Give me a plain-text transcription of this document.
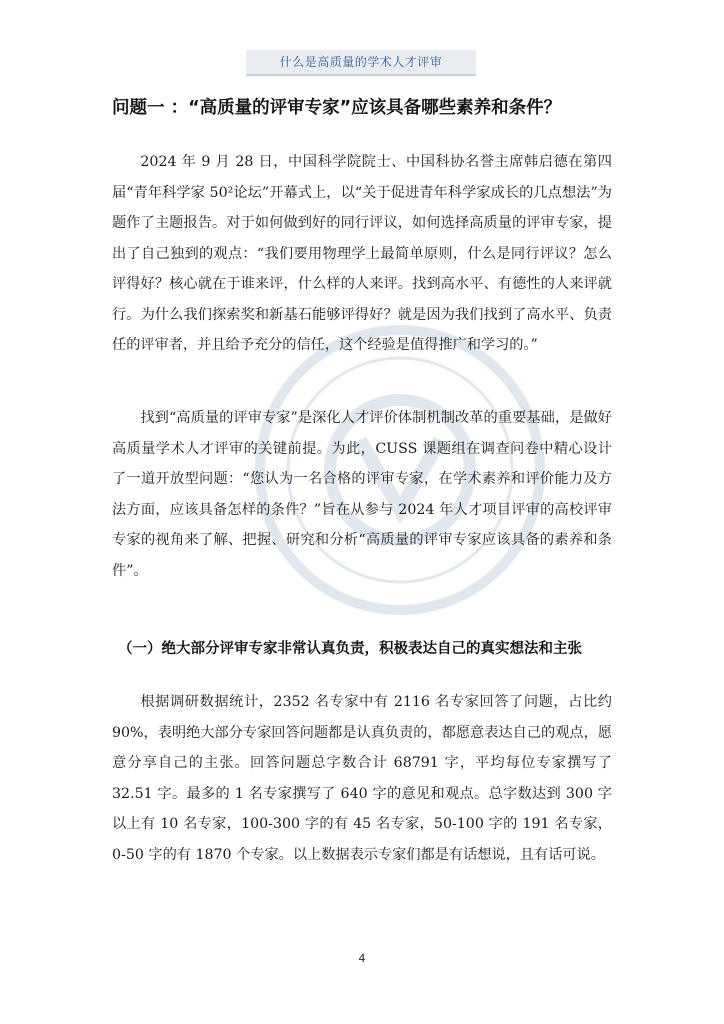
什么是高质量的学术人才评审
问题一 ：“高质量的评审专家”应该具备哪些素养和条件？

2024 年 9 月 28 日，中国科学院院士、中国科协名誉主席韩启德在第四届“青年科学家 50²论坛”开幕式上，以“关于促进青年科学家成长的几点想法”为题作了主题报告。对于如何做到好的同行评议，如何选择高质量的评审专家，提出了自己独到的观点：“我们要用物理学上最简单原则，什么是同行评议？怎么评得好？核心就在于谁来评，什么样的人来评。找到高水平、有德性的人来评就行。为什么我们探索奖和新基石能够评得好？就是因为我们找到了高水平、负责任的评审者，并且给予充分的信任，这个经验是值得推广和学习的。”

找到“高质量的评审专家”是深化人才评价体制机制改革的重要基础，是做好高质量学术人才评审的关键前提。为此，CUSS 课题组在调查问卷中精心设计了一道开放型问题：“您认为一名合格的评审专家，在学术素养和评价能力及方法方面，应该具备怎样的条件？”旨在从参与 2024 年人才项目评审的高校评审专家的视角来了解、把握、研究和分析“高质量的评审专家应该具备的素养和条件”。

（一）绝大部分评审专家非常认真负责，积极表达自己的真实想法和主张

根据调研数据统计，2352 名专家中有 2116 名专家回答了问题，占比约 90%，表明绝大部分专家回答问题都是认真负责的，都愿意表达自己的观点，愿意分享自己的主张。回答问题总字数合计 68791 字，平均每位专家撰写了 32.51 字。最多的 1 名专家撰写了 640 字的意见和观点。总字数达到 300 字以上有 10 名专家，100-300 字的有 45 名专家，50-100 字的 191 名专家，0-50 字的有 1870 个专家。以上数据表示专家们都是有话想说，且有话可说。

4
